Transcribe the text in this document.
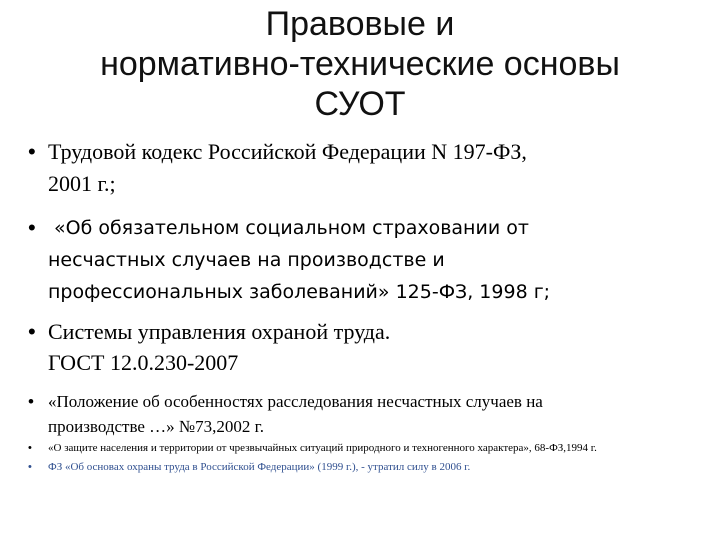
Правовые и
нормативно-технические основы
СУОТ
• Трудовой кодекс Российской Федерации N 197-ФЗ,
2001 г.;
• «Об обязательном социальном страховании от
несчастных случаев на производстве и
профессиональных заболеваний» 125-ФЗ, 1998 г;
• Системы управления охраной труда.
ГОСТ 12.0.230-2007
• «Положение об особенностях расследования несчастных случаев на
производстве …» №73,2002 г.
• «О защите населения и территории от чрезвычайных ситуаций природного и техногенного характера», 68-ФЗ,1994 г.
• ФЗ «Об основах охраны труда в Российской Федерации» (1999 г.), - утратил силу в 2006 г.
